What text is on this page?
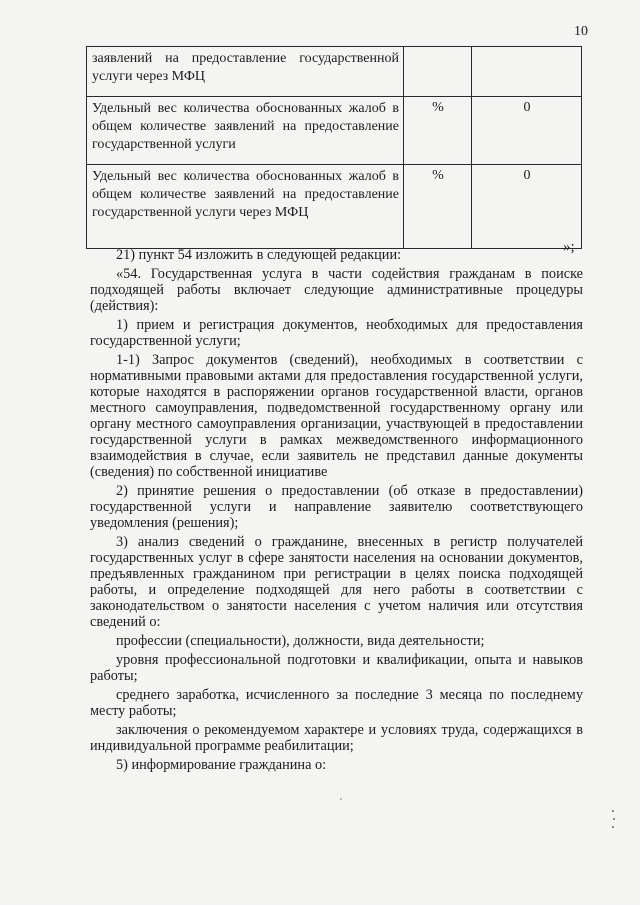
10
заявлений на предоставление государственной услуги через МФЦ		
Удельный вес количества обоснованных жалоб в общем количестве заявлений на предоставление государственной услуги	%	0
Удельный вес количества обоснованных жалоб в общем количестве заявлений на предоставление государственной услуги через МФЦ	%	0
»;

21) пункт 54 изложить в следующей редакции:

«54. Государственная услуга в части содействия гражданам в поиске подходящей работы включает следующие административные процедуры (действия):

1) прием и регистрация документов, необходимых для предоставления государственной услуги;

1-1) Запрос документов (сведений), необходимых в соответствии с нормативными правовыми актами для предоставления государственной услуги, которые находятся в распоряжении органов государственной власти, органов местного самоуправления, подведомственной государственному органу или органу местного самоуправления организации, участвующей в предоставлении государственной услуги в рамках межведомственного информационного взаимодействия в случае, если заявитель не представил данные документы (сведения) по собственной инициативе

2) принятие решения о предоставлении (об отказе в предоставлении) государственной услуги и направление заявителю соответствующего уведомления (решения);

3) анализ сведений о гражданине, внесенных в регистр получателей государственных услуг в сфере занятости населения на основании документов, предъявленных гражданином при регистрации в целях поиска подходящей работы, и определение подходящей для него работы в соответствии с законодательством о занятости населения с учетом наличия или отсутствия сведений о:

профессии (специальности), должности, вида деятельности;

уровня профессиональной подготовки и квалификации, опыта и навыков работы;

среднего заработка, исчисленного за последние 3 месяца по последнему месту работы;

заключения о рекомендуемом характере и условиях труда, содержащихся в индивидуальной программе реабилитации;

5) информирование гражданина о:
